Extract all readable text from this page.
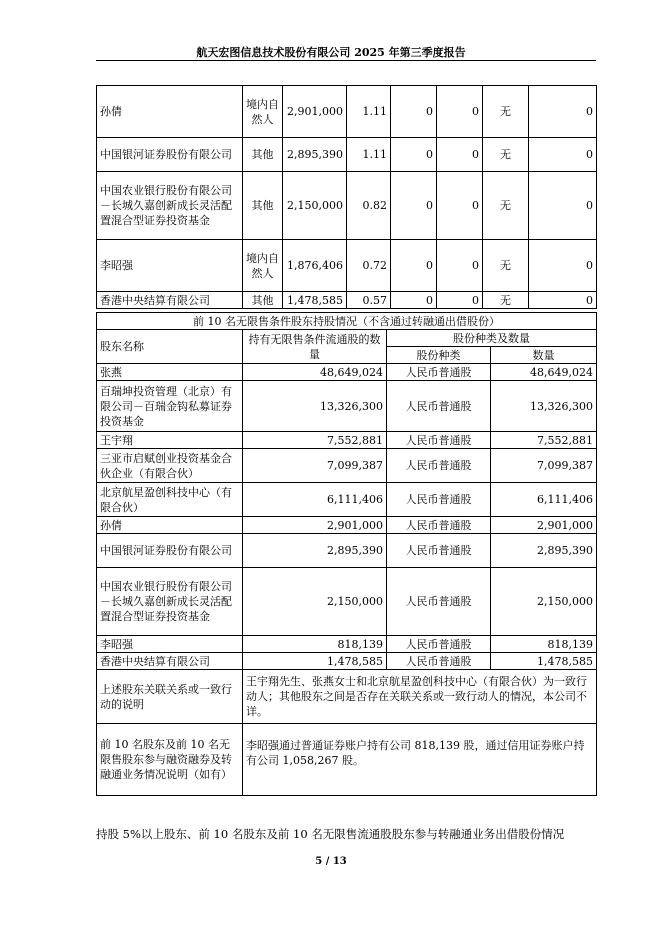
航天宏图信息技术股份有限公司 2025 年第三季度报告
孙倩	境内自然人	2,901,000	1.11	0	0	无	0
中国银河证券股份有限公司	其他	2,895,390	1.11	0	0	无	0
中国农业银行股份有限公司－长城久嘉创新成长灵活配置混合型证券投资基金	其他	2,150,000	0.82	0	0	无	0
李昭强	境内自然人	1,876,406	0.72	0	0	无	0
香港中央结算有限公司	其他	1,478,585	0.57	0	0	无	0
前 10 名无限售条件股东持股情况（不含通过转融通出借股份）			
股东名称	持有无限售条件流通股的数量	股份种类及数量	
		股份种类	数量
张燕	48,649,024	人民币普通股	48,649,024
百瑞坤投资管理（北京）有限公司－百瑞金钩私募证券投资基金	13,326,300	人民币普通股	13,326,300
王宇翔	7,552,881	人民币普通股	7,552,881
三亚市启赋创业投资基金合伙企业（有限合伙）	7,099,387	人民币普通股	7,099,387
北京航星盈创科技中心（有限合伙）	6,111,406	人民币普通股	6,111,406
孙倩	2,901,000	人民币普通股	2,901,000
中国银河证券股份有限公司	2,895,390	人民币普通股	2,895,390
中国农业银行股份有限公司－长城久嘉创新成长灵活配置混合型证券投资基金	2,150,000	人民币普通股	2,150,000
李昭强	818,139	人民币普通股	818,139
香港中央结算有限公司	1,478,585	人民币普通股	1,478,585
上述股东关联关系或一致行动的说明	王宇翔先生、张燕女士和北京航星盈创科技中心（有限合伙）为一致行动人；其他股东之间是否存在关联关系或一致行动人的情况，本公司不详。		
前 10 名股东及前 10 名无限售股东参与融资融券及转融通业务情况说明（如有）	李昭强通过普通证券账户持有公司 818,139 股，通过信用证券账户持有公司 1,058,267 股。		
持股 5%以上股东、前 10 名股东及前 10 名无限售流通股股东参与转融通业务出借股份情况
5 / 13
